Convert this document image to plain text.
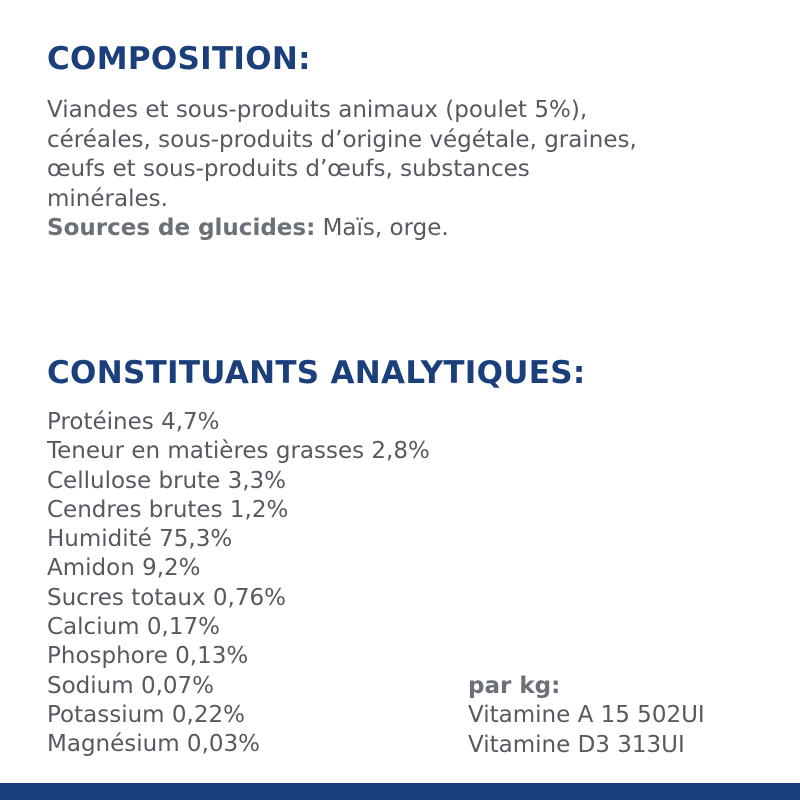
COMPOSITION:
Viandes et sous-produits animaux (poulet 5%),
céréales, sous-produits d’origine végétale, graines,
œufs et sous-produits d’œufs, substances
minérales.
Sources de glucides: Maïs, orge.
CONSTITUANTS ANALYTIQUES:
Protéines 4,7%
Teneur en matières grasses 2,8%
Cellulose brute 3,3%
Cendres brutes 1,2%
Humidité 75,3%
Amidon 9,2%
Sucres totaux 0,76%
Calcium 0,17%
Phosphore 0,13%
Sodium 0,07%
Potassium 0,22%
Magnésium 0,03%
par kg:
Vitamine A 15 502UI
Vitamine D3 313UI
